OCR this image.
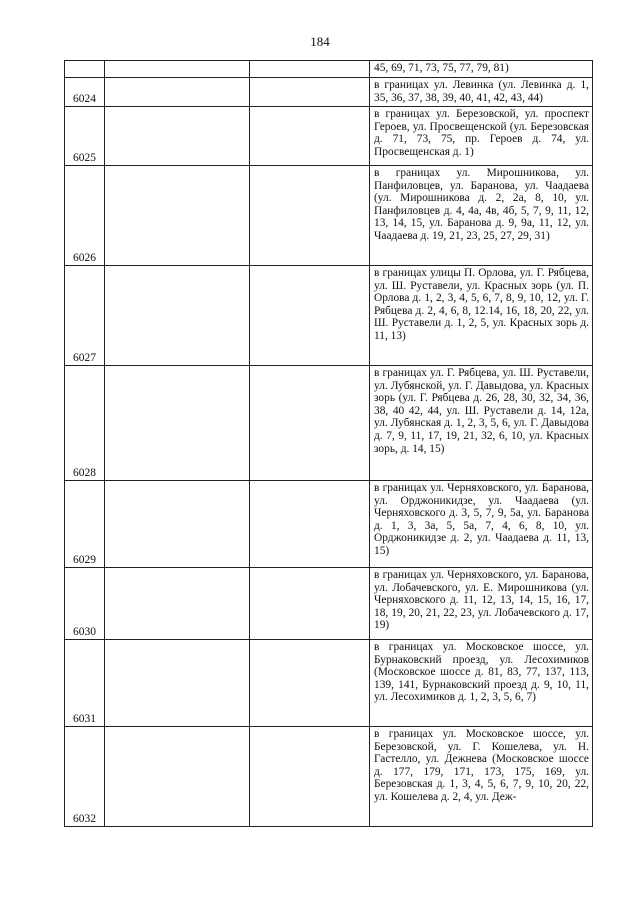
184
			45, 69, 71, 73, 75, 77, 79, 81)
6024			в границах ул. Левинка (ул. Левинка д. 1, 35, 36, 37, 38, 39, 40, 41, 42, 43, 44)
6025			в границах ул. Березовской, ул. проспект Героев, ул. Просвещенской (ул. Березовская д. 71, 73, 75, пр. Героев д. 74, ул. Просвещенская д. 1)
6026			в границах ул. Мирошникова, ул. Панфиловцев, ул. Баранова, ул. Чаадаева (ул. Мирошникова д. 2, 2а, 8, 10, ул. Панфиловцев д. 4, 4а, 4в, 4б, 5, 7, 9, 11, 12, 13, 14, 15, ул. Баранова д. 9, 9а, 11, 12, ул. Чаадаева д. 19, 21, 23, 25, 27, 29, 31)
6027			в границах улицы П. Орлова, ул. Г. Рябцева, ул. Ш. Руставели, ул. Красных зорь (ул. П. Орлова д. 1, 2, 3, 4, 5, 6, 7, 8, 9, 10, 12, ул. Г. Рябцева д. 2, 4, 6, 8, 12.14, 16, 18, 20, 22, ул. Ш. Руставели д. 1, 2, 5, ул. Красных зорь д. 11, 13)
6028			в границах ул. Г. Рябцева, ул. Ш. Руставели, ул. Лубянской, ул. Г. Давыдова, ул. Красных зорь (ул. Г. Рябцева д. 26, 28, 30, 32, 34, 36, 38, 40 42, 44, ул. Ш. Руставели д. 14, 12а, ул. Лубянская д. 1, 2, 3, 5, 6, ул. Г. Давыдова д. 7, 9, 11, 17, 19, 21, 32, 6, 10, ул. Красных зорь, д. 14, 15)
6029			в границах ул. Черняховского, ул. Баранова, ул. Орджоникидзе, ул. Чаадаева (ул. Черняховского д. 3, 5, 7, 9, 5а, ул. Баранова д. 1, 3, 3а, 5, 5а, 7, 4, 6, 8, 10, ул. Орджоникидзе д. 2, ул. Чаадаева д. 11, 13, 15)
6030			в границах ул. Черняховского, ул. Баранова, ул. Лобачевского, ул. Е. Мирошникова (ул. Черняховского д. 11, 12, 13, 14, 15, 16, 17, 18, 19, 20, 21, 22, 23, ул. Лобачевского д. 17, 19)
6031			в границах ул. Московское шоссе, ул. Бурнаковский проезд, ул. Лесохимиков (Московское шоссе д. 81, 83, 77, 137, 113, 139, 141, Бурнаковский проезд д. 9, 10, 11, ул. Лесохимиков д. 1, 2, 3, 5, 6, 7)
6032			в границах ул. Московское шоссе, ул. Березовской, ул. Г. Кошелева, ул. Н. Гастелло, ул. Дежнева (Московское шоссе д. 177, 179, 171, 173, 175, 169, ул. Березовская д. 1, 3, 4, 5, 6, 7, 9, 10, 20, 22, ул. Кошелева д. 2, 4, ул. Деж-
